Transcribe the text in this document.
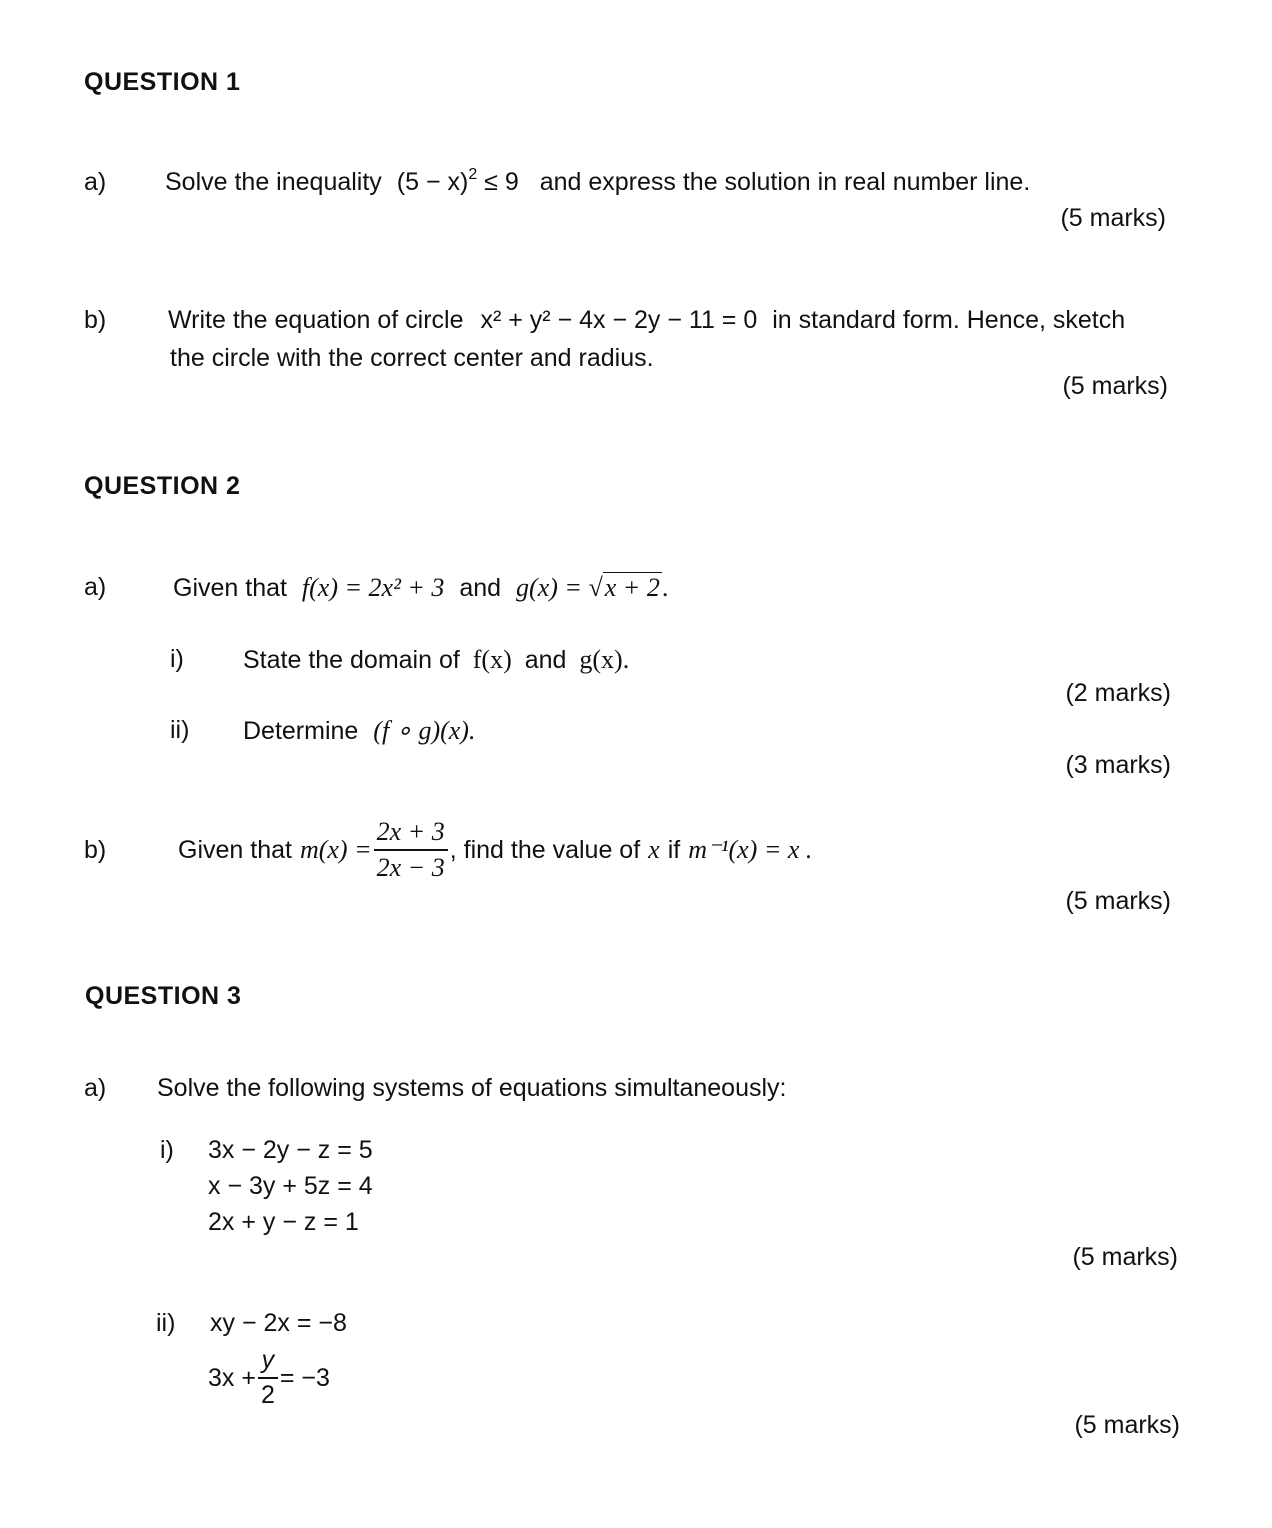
QUESTION 1
a) Solve the inequality $(5 - x)^2 \le 9$ and express the solution in real number line.
(5 marks)
b) Write the equation of circle x² + y² − 4x − 2y − 11 = 0 in standard form. Hence, sketch
the circle with the correct center and radius.
(5 marks)
QUESTION 2
a)	Given that f(x) = 2x² + 3 and g(x) = √x + 2.
i) State the domain of f(x) and g(x).
(2 marks)
ii) Determine (f ∘ g)(x).
(3 marks)
b)	Given that $m(x) = \frac{2x + 3}{2x - 3}$ , find the value of x if m⁻¹(x) = x .
(5 marks)
QUESTION 3
a) Solve the following systems of equations simultaneously:
i) 3x − 2y − z = 5
x − 3y + 5z = 4
2x + y − z = 1
(5 marks)
ii) xy − 2x = −8
$3x + \frac{y}{2} = -3$
(5 marks)
